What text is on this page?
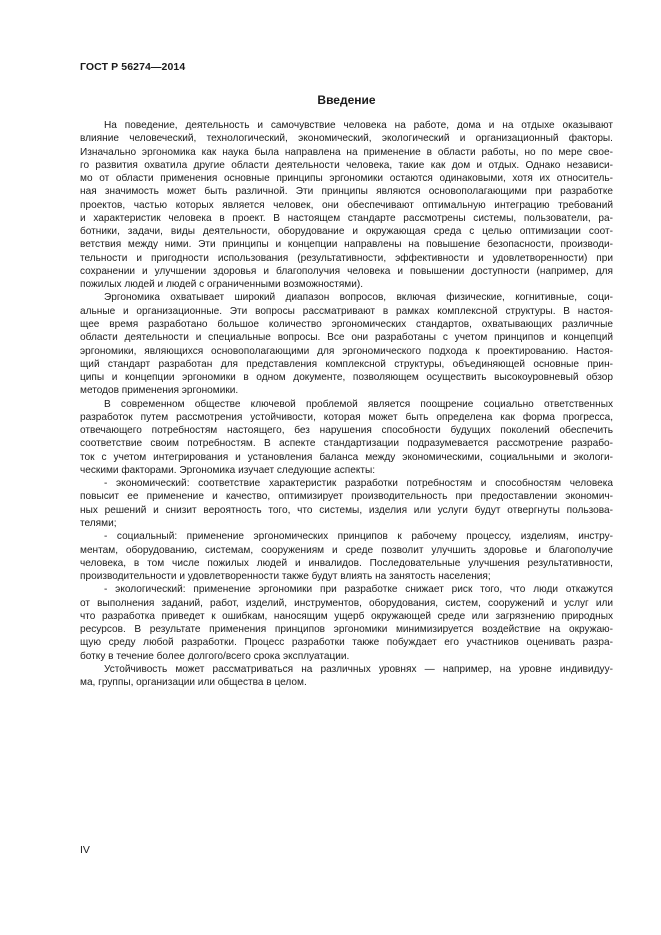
ГОСТ Р 56274—2014
Введение
На поведение, деятельность и самочувствие человека на работе, дома и на отдыхе оказывают
влияние человеческий, технологический, экономический, экологический и организационный факторы.
Изначально эргономика как наука была направлена на применение в области работы, но по мере свое-
го развития охватила другие области деятельности человека, такие как дом и отдых. Однако независи-
мо от области применения основные принципы эргономики остаются одинаковыми, хотя их относитель-
ная значимость может быть различной. Эти принципы являются основополагающими при разработке
проектов, частью которых является человек, они обеспечивают оптимальную интеграцию требований
и характеристик человека в проект. В настоящем стандарте рассмотрены системы, пользователи, ра-
ботники, задачи, виды деятельности, оборудование и окружающая среда с целью оптимизации соот-
ветствия между ними. Эти принципы и концепции направлены на повышение безопасности, производи-
тельности и пригодности использования (результативности, эффективности и удовлетворенности) при
сохранении и улучшении здоровья и благополучия человека и повышении доступности (например, для
пожилых людей и людей с ограниченными возможностями).
Эргономика охватывает широкий диапазон вопросов, включая физические, когнитивные, соци-
альные и организационные. Эти вопросы рассматривают в рамках комплексной структуры. В настоя-
щее время разработано большое количество эргономических стандартов, охватывающих различные
области деятельности и специальные вопросы. Все они разработаны с учетом принципов и концепций
эргономики, являющихся основополагающими для эргономического подхода к проектированию. Настоя-
щий стандарт разработан для представления комплексной структуры, объединяющей основные прин-
ципы и концепции эргономики в одном документе, позволяющем осуществить высокоуровневый обзор
методов применения эргономики.
В современном обществе ключевой проблемой является поощрение социально ответственных
разработок путем рассмотрения устойчивости, которая может быть определена как форма прогресса,
отвечающего потребностям настоящего, без нарушения способности будущих поколений обеспечить
соответствие своим потребностям. В аспекте стандартизации подразумевается рассмотрение разрабо-
ток с учетом интегрирования и установления баланса между экономическими, социальными и экологи-
ческими факторами. Эргономика изучает следующие аспекты:
- экономический: соответствие характеристик разработки потребностям и способностям человека
повысит ее применение и качество, оптимизирует производительность при предоставлении экономич-
ных решений и снизит вероятность того, что системы, изделия или услуги будут отвергнуты пользова-
телями;
- социальный: применение эргономических принципов к рабочему процессу, изделиям, инстру-
ментам, оборудованию, системам, сооружениям и среде позволит улучшить здоровье и благополучие
человека, в том числе пожилых людей и инвалидов. Последовательные улучшения результативности,
производительности и удовлетворенности также будут влиять на занятость населения;
- экологический: применение эргономики при разработке снижает риск того, что люди откажутся
от выполнения заданий, работ, изделий, инструментов, оборудования, систем, сооружений и услуг или
что разработка приведет к ошибкам, наносящим ущерб окружающей среде или загрязнению природных
ресурсов. В результате применения принципов эргономики минимизируется воздействие на окружаю-
щую среду любой разработки. Процесс разработки также побуждает его участников оценивать разра-
ботку в течение более долгого/всего срока эксплуатации.
Устойчивость может рассматриваться на различных уровнях — например, на уровне индивидуу-
ма, группы, организации или общества в целом.
IV
